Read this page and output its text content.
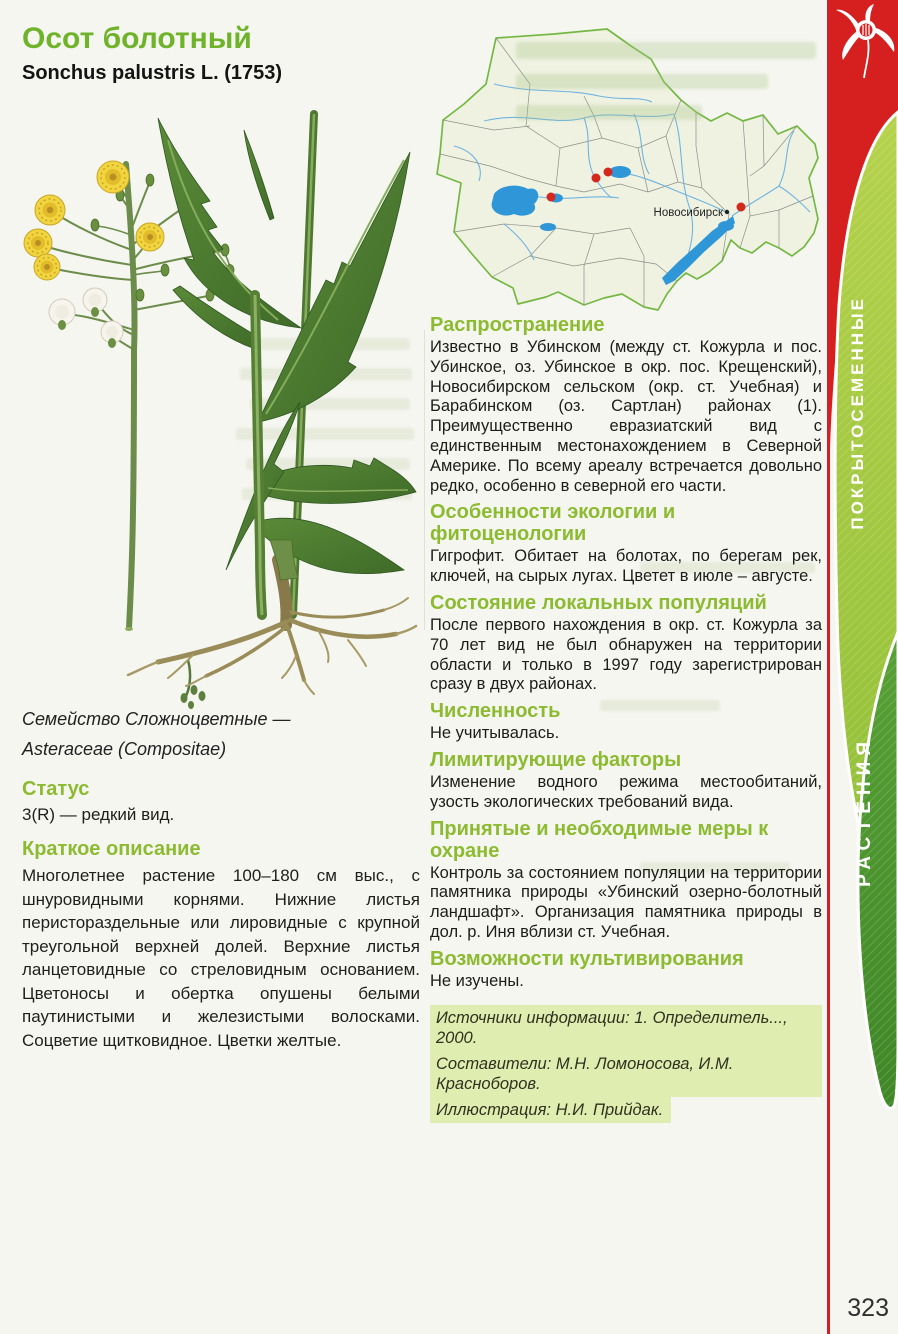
Осот болотный
Sonchus palustris L. (1753)
Семейство Сложноцветные —
Asteraceae (Compositae)
Статус
3(R) — редкий вид.
Краткое описание
Многолетнее растение 100–180 см выс., с шнуровидными корнями. Нижние листья перистораздельные или лировидные с крупной треугольной верхней долей. Верхние листья ланцетовидные со стреловидным основанием. Цветоносы и обертка опушены белыми паутинистыми и железистыми волосками. Соцветие щитковидное. Цветки желтые.
Новосибирск
Распространение

Известно в Убинском (между ст. Кожурла и пос. Убинское, оз. Убинское в окр. пос. Крещенский), Новосибирском сельском (окр. ст. Учебная) и Барабинском (оз. Сартлан) районах (1). Преимущественно евразиатский вид с единственным местонахождением в Северной Америке. По всему ареалу встречается довольно редко, особенно в северной его части.

Особенности экологии и фитоценологии

Гигрофит. Обитает на болотах, по берегам рек, ключей, на сырых лугах. Цветет в июле – августе.

Состояние локальных популяций

После первого нахождения в окр. ст. Кожурла за 70 лет вид не был обнаружен на территории области и только в 1997 году зарегистрирован сразу в двух районах.

Численность

Не учитывалась.

Лимитирующие факторы

Изменение водного режима местообитаний, узость экологических требований вида.

Принятые и необходимые меры к охране

Контроль за состоянием популяции на территории памятника природы «Убинский озерно-болотный ландшафт». Организация памятника природы в дол. р. Иня вблизи ст. Учебная.

Возможности культивирования

Не изучены.

Источники информации: 1. Определитель..., 2000.
Составители: М.Н. Ломоносова, И.М. Красноборов.
Иллюстрация: Н.И. Прийдак.
ПОКРЫТОСЕМЕННЫЕ
РАСТЕНИЯ
323
